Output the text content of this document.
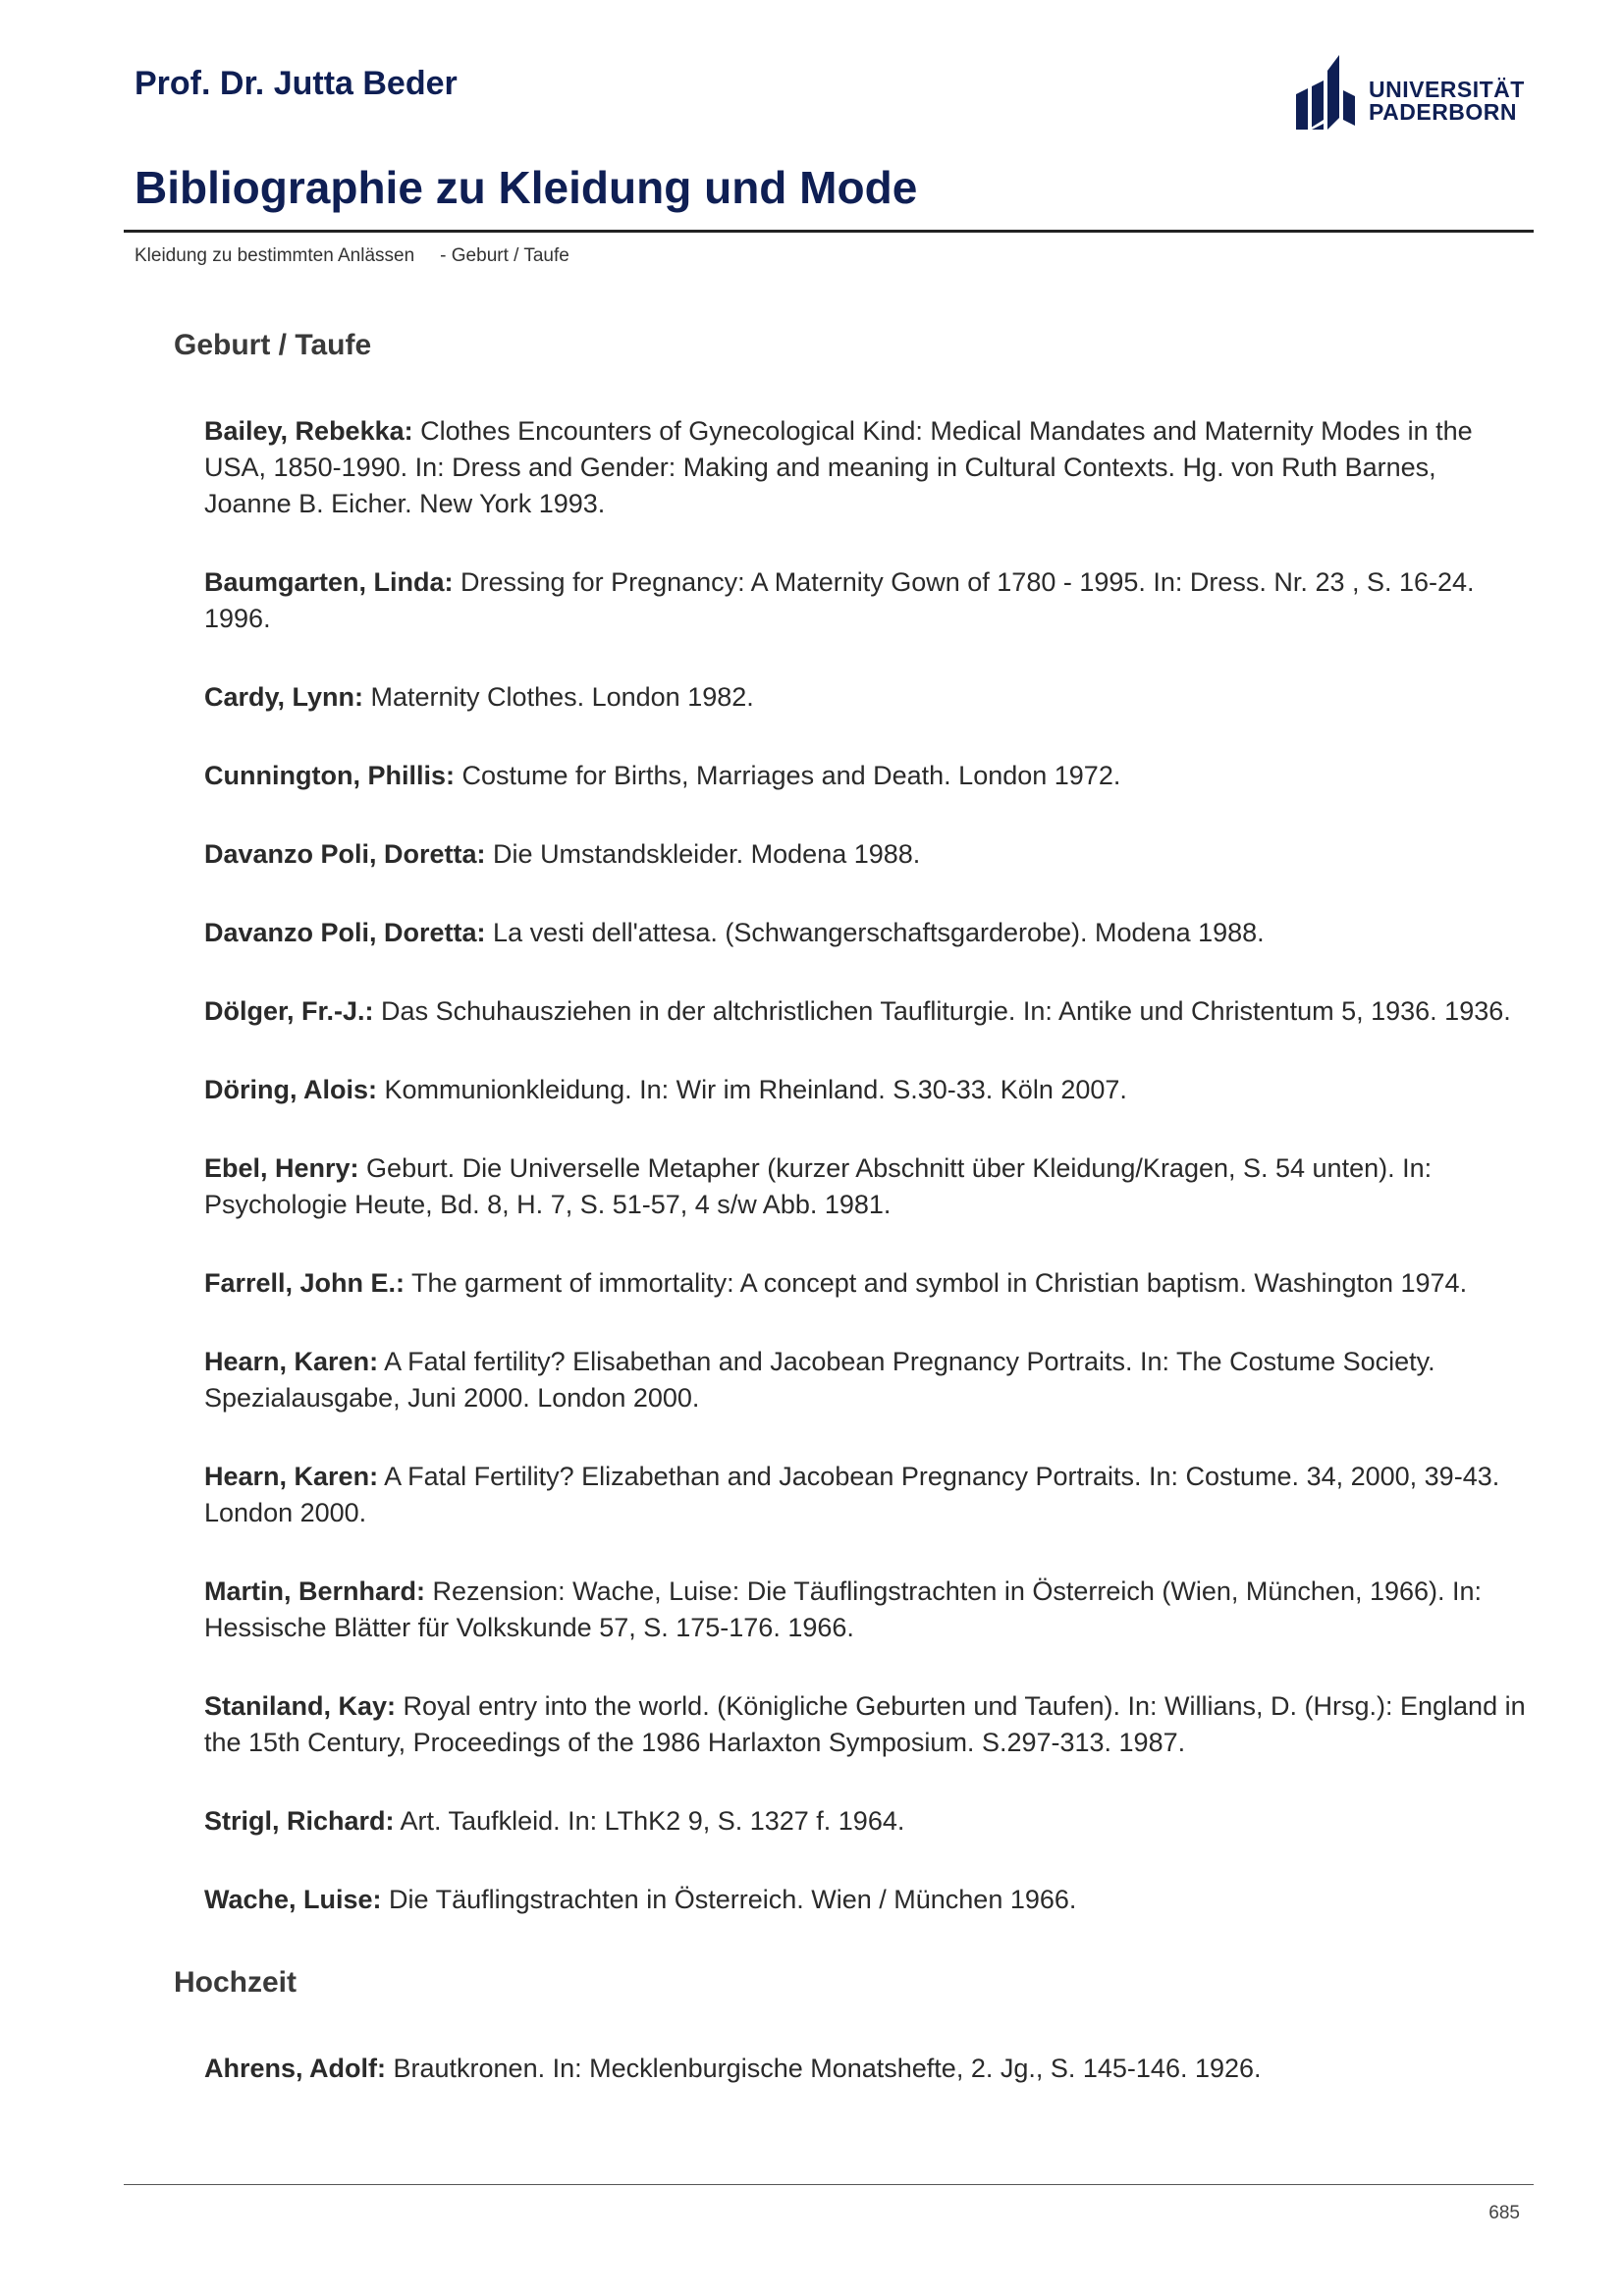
Prof. Dr. Jutta Beder	UNIVERSITÄT
PADERBORN
Bibliographie zu Kleidung und Mode
Kleidung zu bestimmten Anlässen - Geburt / Taufe
Geburt / Taufe
Bailey, Rebekka: Clothes Encounters of Gynecological Kind: Medical Mandates and Maternity Modes in the USA, 1850-1990. In: Dress and Gender: Making and meaning in Cultural Contexts. Hg. von Ruth Barnes, Joanne B. Eicher. New York 1993.
Baumgarten, Linda: Dressing for Pregnancy: A Maternity Gown of 1780 - 1995. In: Dress. Nr. 23 , S. 16-24. 1996.
Cardy, Lynn: Maternity Clothes. London 1982.
Cunnington, Phillis: Costume for Births, Marriages and Death. London 1972.
Davanzo Poli, Doretta: Die Umstandskleider. Modena 1988.
Davanzo Poli, Doretta: La vesti dell'attesa. (Schwangerschaftsgarderobe). Modena 1988.
Dölger, Fr.-J.: Das Schuhausziehen in der altchristlichen Taufliturgie. In: Antike und Christentum 5, 1936. 1936.
Döring, Alois: Kommunionkleidung. In: Wir im Rheinland. S.30-33. Köln 2007.
Ebel, Henry: Geburt. Die Universelle Metapher (kurzer Abschnitt über Kleidung/Kragen, S. 54 unten). In: Psychologie Heute, Bd. 8, H. 7, S. 51-57, 4 s/w Abb. 1981.
Farrell, John E.: The garment of immortality: A concept and symbol in Christian baptism. Washington 1974.
Hearn, Karen: A Fatal fertility? Elisabethan and Jacobean Pregnancy Portraits. In: The Costume Society. Spezialausgabe, Juni 2000. London 2000.
Hearn, Karen: A Fatal Fertility? Elizabethan and Jacobean Pregnancy Portraits. In: Costume. 34, 2000, 39-43. London 2000.
Martin, Bernhard: Rezension: Wache, Luise: Die Täuflingstrachten in Österreich (Wien, München, 1966). In: Hessische Blätter für Volkskunde 57, S. 175-176. 1966.
Staniland, Kay: Royal entry into the world. (Königliche Geburten und Taufen). In: Willians, D. (Hrsg.): England in the 15th Century, Proceedings of the 1986 Harlaxton Symposium. S.297-313. 1987.
Strigl, Richard: Art. Taufkleid. In: LThK2 9, S. 1327 f. 1964.
Wache, Luise: Die Täuflingstrachten in Österreich. Wien / München 1966.
Hochzeit
Ahrens, Adolf: Brautkronen. In: Mecklenburgische Monatshefte, 2. Jg., S. 145-146. 1926.
685
